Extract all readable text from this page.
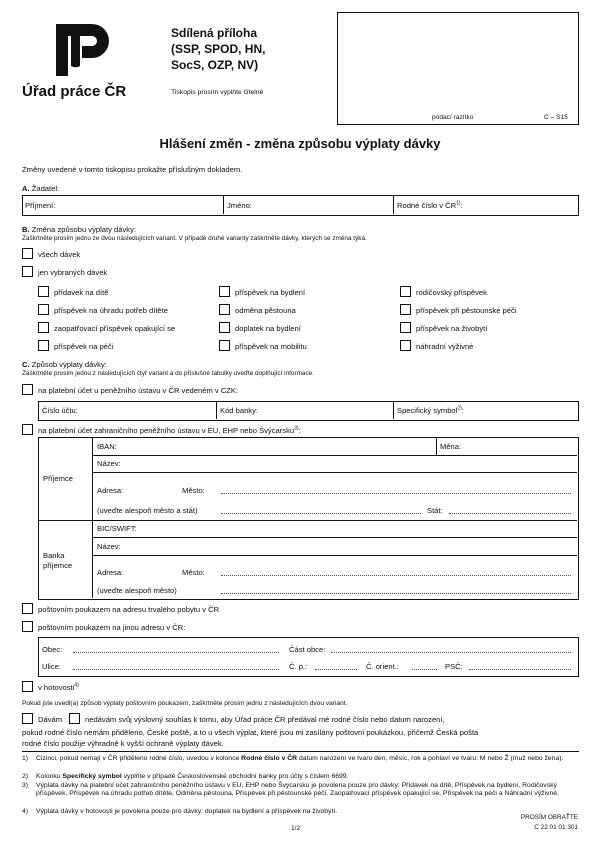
Úřad práce ČR
Sdílená příloha
(SSP, SPOD, HN,
SocS, OZP, NV)
Tiskopis prosím vyplňte čitelně
podací razítko	C – S15
Hlášení změn - změna způsobu výplaty dávky
Změny uvedené v tomto tiskopisu prokažte příslušným dokladem.
A. Žadatel:
Příjmení:	Jméno:	Rodné číslo v ČR$^{1)}$:
B. Změna způsobu výplaty dávky:
Zaškrtněte prosím jednu ze dvou následujících variant. V případě druhé varianty zaškrtněte dávky, kterých se změna týká.
všech dávek
jen vybraných dávek
přídavek na dítě
příspěvek na úhradu potřeb dítěte
zaopatřovací příspěvek opakující se
příspěvek na péči
příspěvek na bydlení
odměna pěstouna
doplatek na bydlení
příspěvek na mobilitu
rodičovský příspěvek
příspěvek při pěstounské péči
příspěvek na živobytí
náhradní výživné
C. Způsob výplaty dávky:
Zaškrtněte prosím jednu z následujících čtyř variant a do příslušné tabulky uveďte doplňující informace.
na platební účet u peněžního ústavu v ČR vedeném v CZK:
Číslo účtu:	Kód banky:	Specifický symbol$^{2)}$:
na platební účet zahraničního peněžního ústavu v EU, EHP nebo Švýcarsku$^{3)}$:
Příjemce
IBAN:	Měna:
Název:
Adresa:	Město:
(uveďte alespoň město a stát)	Stát:
Banka
příjemce
BIC/SWIFT:
Název:
Adresa:	Město:
(uveďte alespoň město)
poštovním poukazem na adresu trvalého pobytu v ČR
poštovním poukazem na jinou adresu v ČR:
Obec:	Část obce:
Ulice:	Č. p.:	Č. orient.:	PSČ:
v hotovosti$^{4)}$
Pokud jste uvedl(a) způsob výplaty poštovním poukazem, zaškrtněte prosím jednu z následujících dvou variant.
Dávám	nedávám svůj výslovný souhlas k tomu, aby Úřad práce ČR předával mé rodné číslo nebo datum narození,
pokud rodné číslo nemám přiděleno, České poště, a to u všech výplat, které jsou mi zasílány poštovní poukázkou, přičemž Česká pošta
rodné číslo použije výhradně k vyšší ochraně výplaty dávek.
1) Cizinci, pokud nemají v ČR přiděleno rodné číslo, uvedou v kolonce Rodné číslo v ČR datum narození ve tvaru den, měsíc, rok a pohlaví ve tvaru: M nebo Ž (muž nebo žena).
2) Kolonku Specifický symbol vyplňte v případě Československé obchodní banky pro účty s číslem 6699.
3) Výplata dávky na platební účet zahraničního peněžního ústavu v EU, EHP nebo Švýcarsku je povolena pouze pro dávky: Přídavek na dítě, Příspěvek na bydlení, Rodičovský příspěvek, Příspěvek na úhradu potřeb dítěte, Odměna pěstouna, Příspěvek při pěstounské péči, Zaopatřovací příspěvek opakující se, Příspěvek na péči a Náhradní výživné.
4) Výplata dávky v hotovosti je povolena pouze pro dávky: doplatek na bydlení a příspěvek na živobytí.
1/2
PROSÍM OBRAŤTE
C 22 01 01 301
